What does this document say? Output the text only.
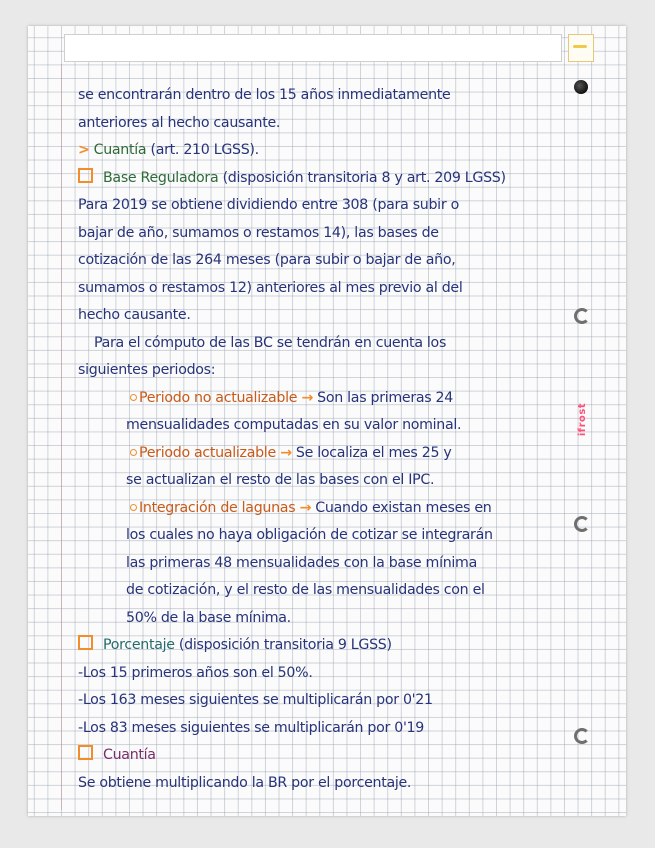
ifrost
se encontrarán dentro de los 15 años inmediatamente
anteriores al hecho causante.
> Cuantía (art. 210 LGSS).
Base Reguladora (disposición transitoria 8 y art. 209 LGSS)
Para 2019 se obtiene dividiendo entre 308 (para subir o
bajar de año, sumamos o restamos 14), las bases de
cotización de las 264 meses (para subir o bajar de año,
sumamos o restamos 12) anteriores al mes previo al del
hecho causante.
Para el cómputo de las BC se tendrán en cuenta los
siguientes periodos:
Periodo no actualizable → Son las primeras 24
mensualidades computadas en su valor nominal.
Periodo actualizable → Se localiza el mes 25 y
se actualizan el resto de las bases con el IPC.
Integración de lagunas → Cuando existan meses en
los cuales no haya obligación de cotizar se integrarán
las primeras 48 mensualidades con la base mínima
de cotización, y el resto de las mensualidades con el
50% de la base mínima.
Porcentaje (disposición transitoria 9 LGSS)
-Los 15 primeros años son el 50%.
-Los 163 meses siguientes se multiplicarán por 0'21
-Los 83 meses siguientes se multiplicarán por 0'19
Cuantía
Se obtiene multiplicando la BR por el porcentaje.
